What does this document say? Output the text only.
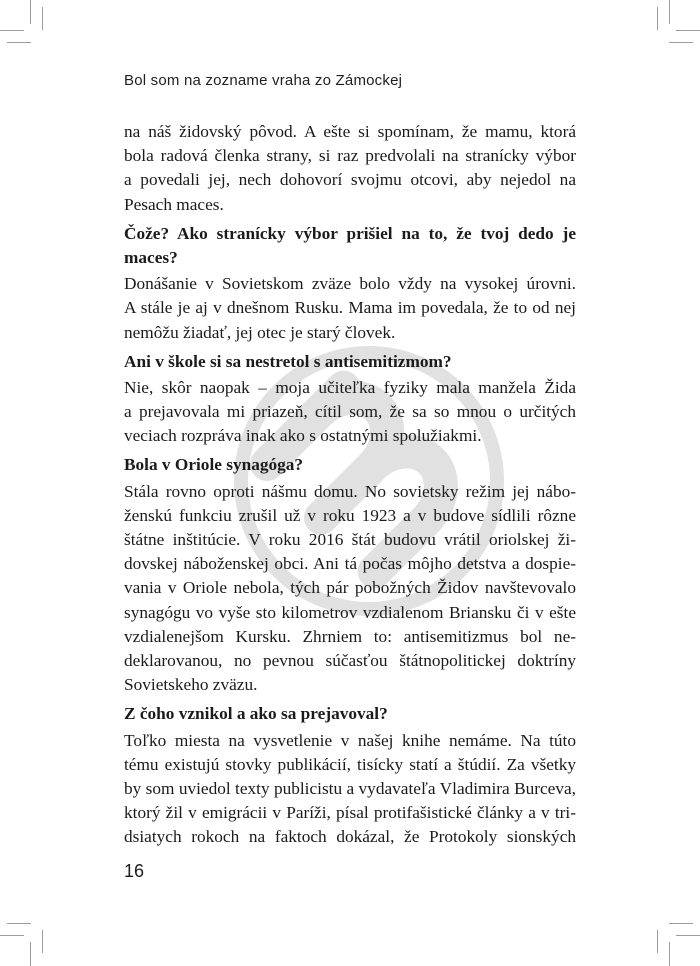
Bol som na zozname vraha zo Zámockej
na náš židovský pôvod. A ešte si spomínam, že mamu, ktorá
bola radová členka strany, si raz predvolali na stranícky výbor
a povedali jej, nech dohovorí svojmu otcovi, aby nejedol na
Pesach maces.
Čože? Ako stranícky výbor prišiel na to, že tvoj dedo je
maces?
Donášanie v Sovietskom zväze bolo vždy na vysokej úrovni.
A stále je aj v dnešnom Rusku. Mama im povedala, že to od nej
nemôžu žiadať, jej otec je starý človek.
Ani v škole si sa nestretol s antisemitizmom?
Nie, skôr naopak – moja učiteľka fyziky mala manžela Žida
a prejavovala mi priazeň, cítil som, že sa so mnou o určitých
veciach rozpráva inak ako s ostatnými spolužiakmi.
Bola v Oriole synagóga?
Stála rovno oproti nášmu domu. No sovietsky režim jej nábo-
ženskú funkciu zrušil už v roku 1923 a v budove sídlili rôzne
štátne inštitúcie. V roku 2016 štát budovu vrátil oriolskej ži-
dovskej náboženskej obci. Ani tá počas môjho detstva a dospie-
vania v Oriole nebola, tých pár pobožných Židov navštevovalo
synagógu vo vyše sto kilometrov vzdialenom Briansku či v ešte
vzdialenejšom Kursku. Zhrniem to: antisemitizmus bol ne-
deklarovanou, no pevnou súčasťou štátnopolitickej doktríny
Sovietskeho zväzu.
Z čoho vznikol a ako sa prejavoval?
Toľko miesta na vysvetlenie v našej knihe nemáme. Na túto
tému existujú stovky publikácií, tisícky statí a štúdií. Za všetky
by som uviedol texty publicistu a vydavateľa Vladimira Burceva,
ktorý žil v emigrácii v Paríži, písal protifašistické články a v tri-
dsiatych rokoch na faktoch dokázal, že Protokoly sionských
16
